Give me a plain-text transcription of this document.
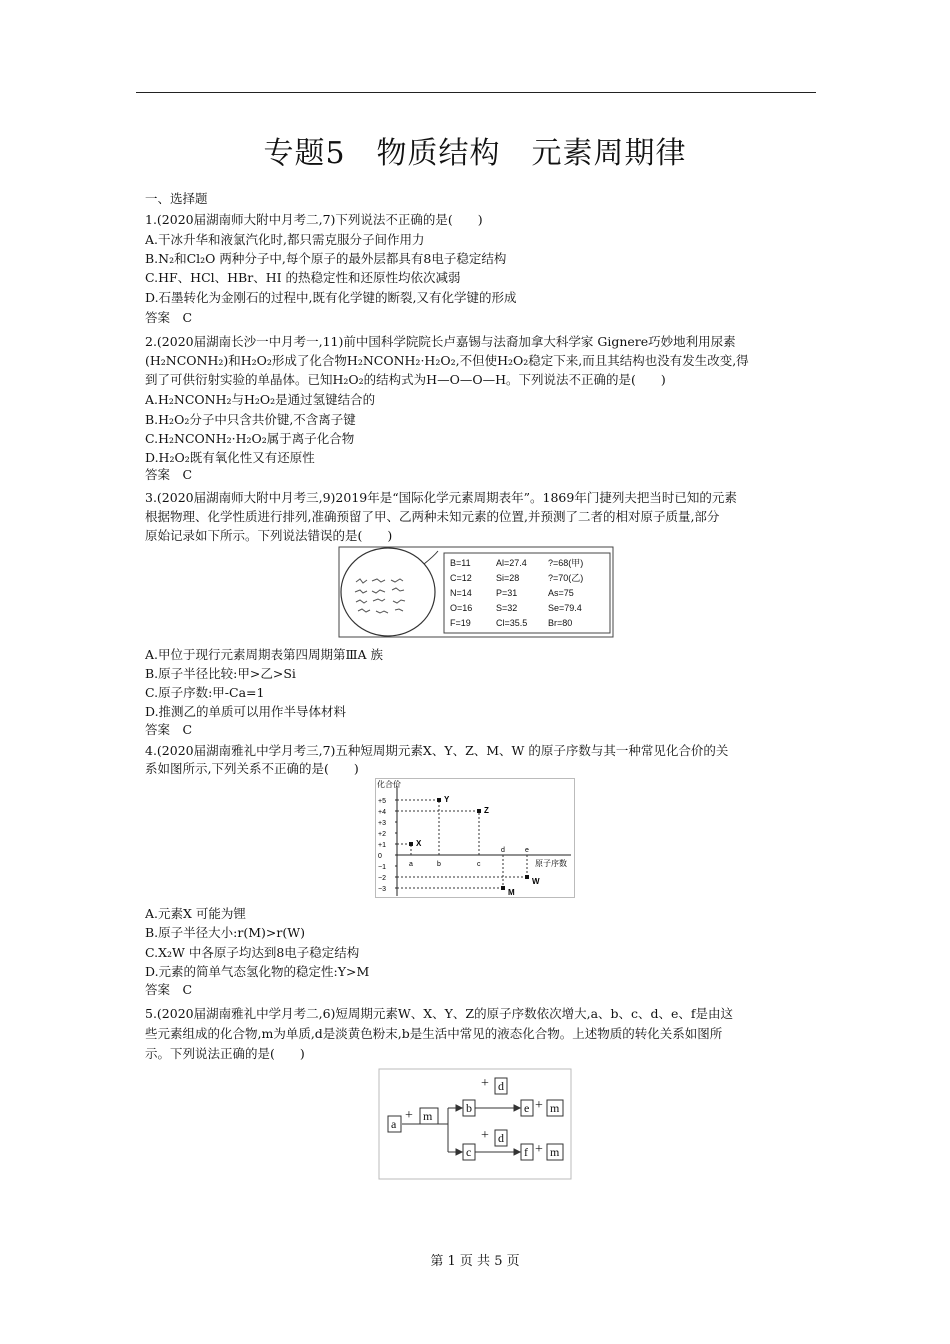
专题5　物质结构　元素周期律
一、选择题
1.(2020届湖南师大附中月考二,7)下列说法不正确的是(　　)
A.干冰升华和液氯汽化时,都只需克服分子间作用力
B.N₂和Cl₂O 两种分子中,每个原子的最外层都具有8电子稳定结构
C.HF、HCl、HBr、HI 的热稳定性和还原性均依次减弱
D.石墨转化为金刚石的过程中,既有化学键的断裂,又有化学键的形成
答案　C
2.(2020届湖南长沙一中月考一,11)前中国科学院院长卢嘉锡与法裔加拿大科学家 Gignere巧妙地利用尿素
(H₂NCONH₂)和H₂O₂形成了化合物H₂NCONH₂·H₂O₂,不但使H₂O₂稳定下来,而且其结构也没有发生改变,得
到了可供衍射实验的单晶体。已知H₂O₂的结构式为H—O—O—H。下列说法不正确的是(　　)
A.H₂NCONH₂与H₂O₂是通过氢键结合的
B.H₂O₂分子中只含共价键,不含离子键
C.H₂NCONH₂·H₂O₂属于离子化合物
D.H₂O₂既有氧化性又有还原性
答案　C
3.(2020届湖南师大附中月考三,9)2019年是“国际化学元素周期表年”。1869年门捷列夫把当时已知的元素
根据物理、化学性质进行排列,准确预留了甲、乙两种未知元素的位置,并预测了二者的相对原子质量,部分
原始记录如下所示。下列说法错误的是(　　)
B=11	Al=27.4	?=68(甲)
C=12	Si=28	?=70(乙)
N=14	P=31	As=75
O=16	S=32	Se=79.4
F=19	Cl=35.5	Br=80
A.甲位于现行元素周期表第四周期第ⅢA 族
B.原子半径比较:甲>乙>Si
C.原子序数:甲-Ca=1
D.推测乙的单质可以用作半导体材料
答案　C
4.(2020届湖南雅礼中学月考三,7)五种短周期元素X、Y、Z、M、W 的原子序数与其一种常见化合价的关
系如图所示,下列关系不正确的是(　　)
化合价
原子序数
+5
+4
+3
+2
+1
0
−1
−2
−3
a	b	c
d	e
X
Y
Z
M
W
A.元素X 可能为锂
B.原子半径大小:r(M)>r(W)
C.X₂W 中各原子均达到8电子稳定结构
D.元素的简单气态氢化物的稳定性:Y>M
答案　C
5.(2020届湖南雅礼中学月考二,6)短周期元素W、X、Y、Z的原子序数依次增大,a、b、c、d、e、f是由这
些元素组成的化合物,m为单质,d是淡黄色粉末,b是生活中常见的液态化合物。上述物质的转化关系如图所
示。下列说法正确的是(　　)
a
+ m
b
c
+ d
+ d
e + m
f + m
第 1 页 共 5 页
